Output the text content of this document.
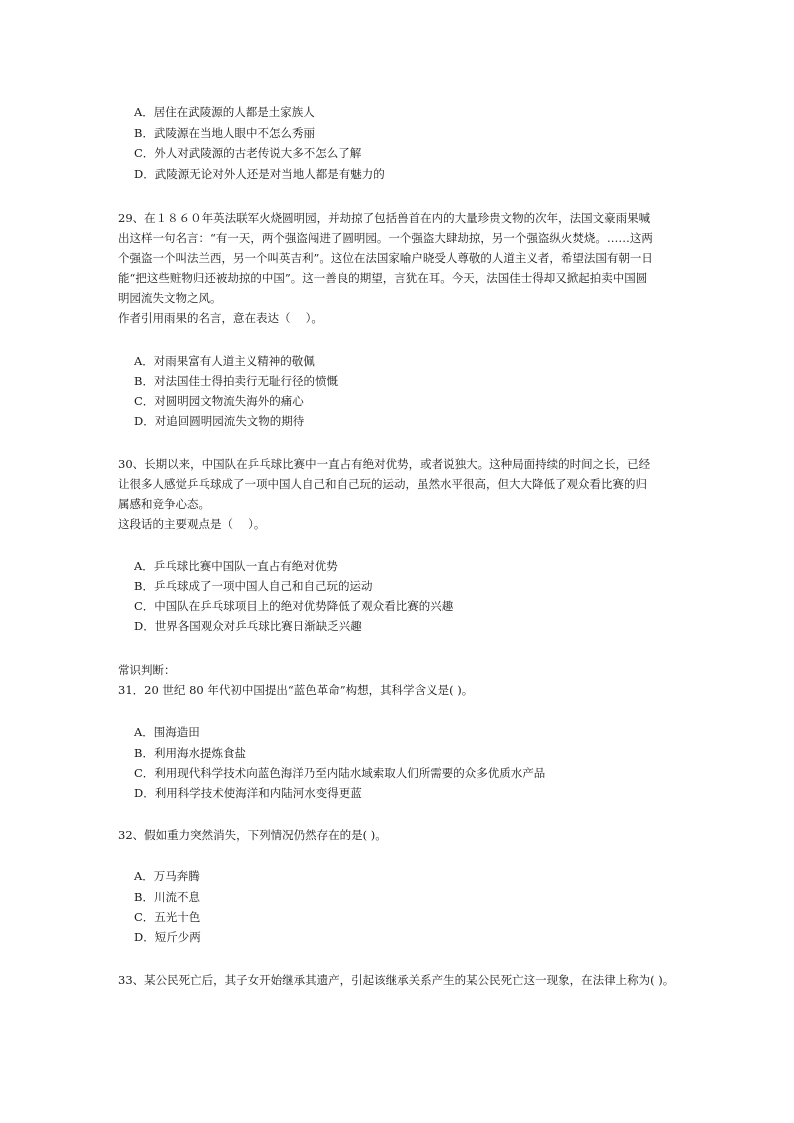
A．居住在武陵源的人都是土家族人
B．武陵源在当地人眼中不怎么秀丽
C．外人对武陵源的古老传说大多不怎么了解
D．武陵源无论对外人还是对当地人都是有魅力的
29、在１８６０年英法联军火烧圆明园，并劫掠了包括兽首在内的大量珍贵文物的次年，法国文豪雨果喊
出这样一句名言：“有一天，两个强盗闯进了圆明园。一个强盗大肆劫掠，另一个强盗纵火焚烧。……这两
个强盗一个叫法兰西，另一个叫英吉利”。这位在法国家喻户晓受人尊敬的人道主义者，希望法国有朝一日
能“把这些赃物归还被劫掠的中国”。这一善良的期望，言犹在耳。今天，法国佳士得却又掀起拍卖中国圆
明园流失文物之风。
作者引用雨果的名言，意在表达（　 ）。
A．对雨果富有人道主义精神的敬佩
B．对法国佳士得拍卖行无耻行径的愤慨
C．对圆明园文物流失海外的痛心
D．对追回圆明园流失文物的期待
30、长期以来，中国队在乒乓球比赛中一直占有绝对优势，或者说独大。这种局面持续的时间之长，已经
让很多人感觉乒乓球成了一项中国人自己和自己玩的运动，虽然水平很高，但大大降低了观众看比赛的归
属感和竞争心态。
这段话的主要观点是（　 ）。
A．乒乓球比赛中国队一直占有绝对优势
B．乒乓球成了一项中国人自己和自己玩的运动
C．中国队在乒乓球项目上的绝对优势降低了观众看比赛的兴趣
D．世界各国观众对乒乓球比赛日渐缺乏兴趣
常识判断：
31．20 世纪 80 年代初中国提出“蓝色革命”构想，其科学含义是( )。
A．围海造田
B．利用海水提炼食盐
C．利用现代科学技术向蓝色海洋乃至内陆水域索取人们所需要的众多优质水产品
D．利用科学技术使海洋和内陆河水变得更蓝
32、假如重力突然消失，下列情况仍然存在的是( )。
A．万马奔腾
B．川流不息
C．五光十色
D．短斤少两
33、某公民死亡后，其子女开始继承其遗产，引起该继承关系产生的某公民死亡这一现象，在法律上称为( )。
